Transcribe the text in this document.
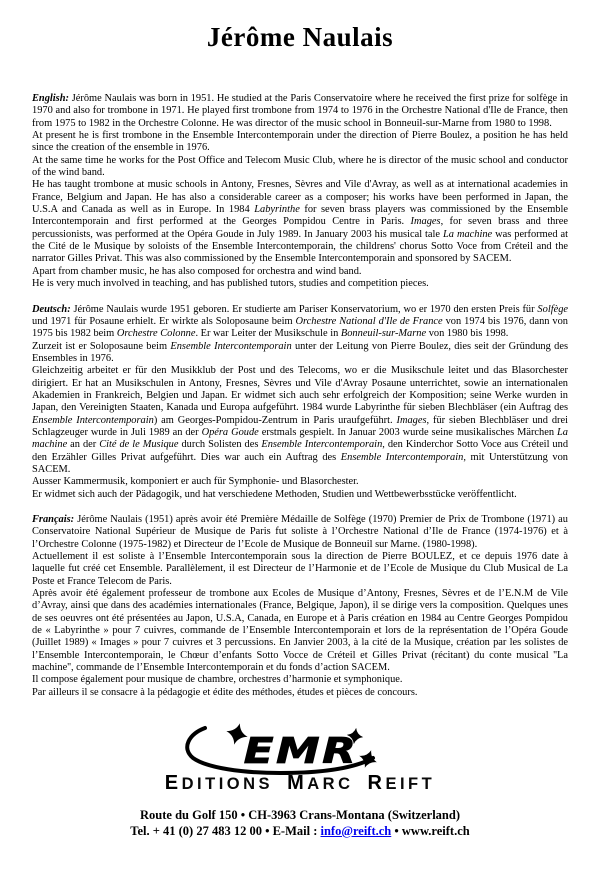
Jérôme Naulais

English: Jérôme Naulais was born in 1951. He studied at the Paris Conservatoire where he received the first prize for solfège in 1970 and also for trombone in 1971. He played first trombone from 1974 to 1976 in the Orchestre National d'Ile de France, then from 1975 to 1982 in the Orchestre Colonne. He was director of the music school in Bonneuil-sur-Marne from 1980 to 1998.

At present he is first trombone in the Ensemble Intercontemporain under the direction of Pierre Boulez, a position he has held since the creation of the ensemble in 1976.

At the same time he works for the Post Office and Telecom Music Club, where he is director of the music school and conductor of the wind band.

He has taught trombone at music schools in Antony, Fresnes, Sèvres and Vile d'Avray, as well as at international academies in France, Belgium and Japan. He has also a considerable career as a composer; his works have been performed in Japan, the U.S.A and Canada as well as in Europe. In 1984 Labyrinthe for seven brass players was commissioned by the Ensemble Intercontemporain and first performed at the Georges Pompidou Centre in Paris. Images, for seven brass and three percussionists, was performed at the Opéra Goude in July 1989. In January 2003 his musical tale La machine was performed at the Cité de le Musique by soloists of the Ensemble Intercontemporain, the childrens' chorus Sotto Voce from Créteil and the narrator Gilles Privat. This was also commissioned by the Ensemble Intercontemporain and sponsored by SACEM.

Apart from chamber music, he has also composed for orchestra and wind band.

He is very much involved in teaching, and has published tutors, studies and competition pieces.

Deutsch: Jérôme Naulais wurde 1951 geboren. Er studierte am Pariser Konservatorium, wo er 1970 den ersten Preis für Solfège und 1971 für Posaune erhielt. Er wirkte als Soloposaune beim Orchestre National d'Ile de France von 1974 bis 1976, dann von 1975 bis 1982 beim Orchestre Colonne. Er war Leiter der Musikschule in Bonneuil-sur-Marne von 1980 bis 1998.

Zurzeit ist er Soloposaune beim Ensemble Intercontemporain unter der Leitung von Pierre Boulez, dies seit der Gründung des Ensembles in 1976.

Gleichzeitig arbeitet er für den Musikklub der Post und des Telecoms, wo er die Musikschule leitet und das Blasorchester dirigiert. Er hat an Musikschulen in Antony, Fresnes, Sèvres und Vile d'Avray Posaune unterrichtet, sowie an internationalen Akademien in Frankreich, Belgien und Japan. Er widmet sich auch sehr erfolgreich der Komposition; seine Werke wurden in Japan, den Vereinigten Staaten, Kanada und Europa aufgeführt. 1984 wurde Labyrinthe für sieben Blechbläser (ein Auftrag des Ensemble Intercontemporain) am Georges-Pompidou-Zentrum in Paris uraufgeführt. Images, für sieben Blechbläser und drei Schlagzeuger wurde in Juli 1989 an der Opéra Goude erstmals gespielt. In Januar 2003 wurde seine musikalisches Märchen La machine an der Cité de le Musique durch Solisten des Ensemble Intercontemporain, den Kinderchor Sotto Voce aus Créteil und den Erzähler Gilles Privat aufgeführt. Dies war auch ein Auftrag des Ensemble Intercontemporain, mit Unterstützung von SACEM.

Ausser Kammermusik, komponiert er auch für Symphonie- und Blasorchester.

Er widmet sich auch der Pädagogik, und hat verschiedene Methoden, Studien und Wettbewerbsstücke veröffentlicht.

Français: Jérôme Naulais (1951) après avoir été Première Médaille de Solfège (1970) Premier de Prix de Trombone (1971) au Conservatoire National Supérieur de Musique de Paris fut soliste à l’Orchestre National d’Ile de France (1974-1976) et à l’Orchestre Colonne (1975-1982) et Directeur de l’Ecole de Musique de Bonneuil sur Marne. (1980-1998).

Actuellement il est soliste à l’Ensemble Intercontemporain sous la direction de Pierre BOULEZ, et ce depuis 1976 date à laquelle fut créé cet Ensemble. Parallèlement, il est Directeur de l’Harmonie et de l’Ecole de Musique du Club Musical de La Poste et France Telecom de Paris.

Après avoir été également professeur de trombone aux Ecoles de Musique d’Antony, Fresnes, Sèvres et de l’E.N.M de Vile d’Avray, ainsi que dans des académies internationales (France, Belgique, Japon), il se dirige vers la composition. Quelques unes de ses oeuvres ont été présentées au Japon, U.S.A, Canada, en Europe et à Paris création en 1984 au Centre Georges Pompidou de « Labyrinthe » pour 7 cuivres, commande de l’Ensemble Intercontemporain et lors de la représentation de l’Opéra Goude (Juillet 1989) « Images » pour 7 cuivres et 3 percussions. En Janvier 2003, à la cité de la Musique, création par les solistes de l’Ensemble Intercontemporain, le Chœur d’enfants Sotto Vocce de Créteil et Gilles Privat (récitant) du conte musical ''La machine'', commande de l’Ensemble Intercontemporain et du fonds d’action SACEM.

Il compose également pour musique de chambre, orchestres d’harmonie et symphonique.

Par ailleurs il se consacre à la pédagogie et édite des méthodes, études et pièces de concours.

EMR
EDITIONS MARC REIFT
Route du Golf 150 • CH-3963 Crans-Montana (Switzerland)
Tel. + 41 (0) 27 483 12 00 • E-Mail : info@reift.ch • www.reift.ch
